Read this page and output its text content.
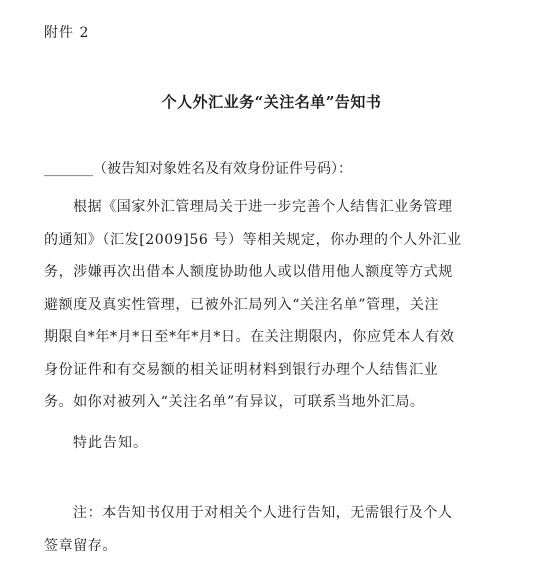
附件 2
个人外汇业务“关注名单”告知书
_______（被告知对象姓名及有效身份证件号码）：
根据《国家外汇管理局关于进一步完善个人结售汇业务管理
的通知》（汇发[2009]56 号）等相关规定，你办理的个人外汇业
务，涉嫌再次出借本人额度协助他人或以借用他人额度等方式规
避额度及真实性管理，已被外汇局列入“关注名单”管理，关注
期限自*年*月*日至*年*月*日。在关注期限内，你应凭本人有效
身份证件和有交易额的相关证明材料到银行办理个人结售汇业
务。如你对被列入“关注名单”有异议，可联系当地外汇局。
特此告知。
注：本告知书仅用于对相关个人进行告知，无需银行及个人
签章留存。
